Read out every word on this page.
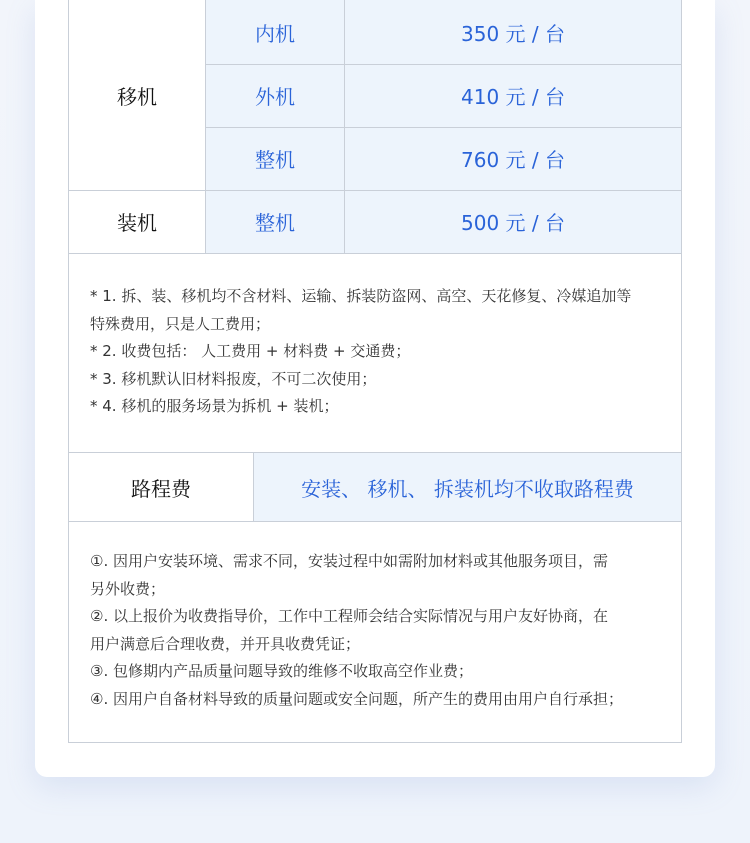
移机
装机
内机
外机
整机
整机
350 元 / 台
410 元 / 台
760 元 / 台
500 元 / 台
* 1. 拆、装、移机均不含材料、运输、拆装防盗网、高空、天花修复、冷媒追加等
特殊费用，只是人工费用；
* 2. 收费包括： 人工费用 + 材料费 + 交通费；
* 3. 移机默认旧材料报废，不可二次使用；
* 4. 移机的服务场景为拆机 + 装机；
路程费	安装、 移机、 拆装机均不收取路程费
①. 因用户安装环境、需求不同，安装过程中如需附加材料或其他服务项目，需
另外收费；
②. 以上报价为收费指导价，工作中工程师会结合实际情况与用户友好协商，在
用户满意后合理收费，并开具收费凭证；
③. 包修期内产品质量问题导致的维修不收取高空作业费；
④. 因用户自备材料导致的质量问题或安全问题，所产生的费用由用户自行承担；
